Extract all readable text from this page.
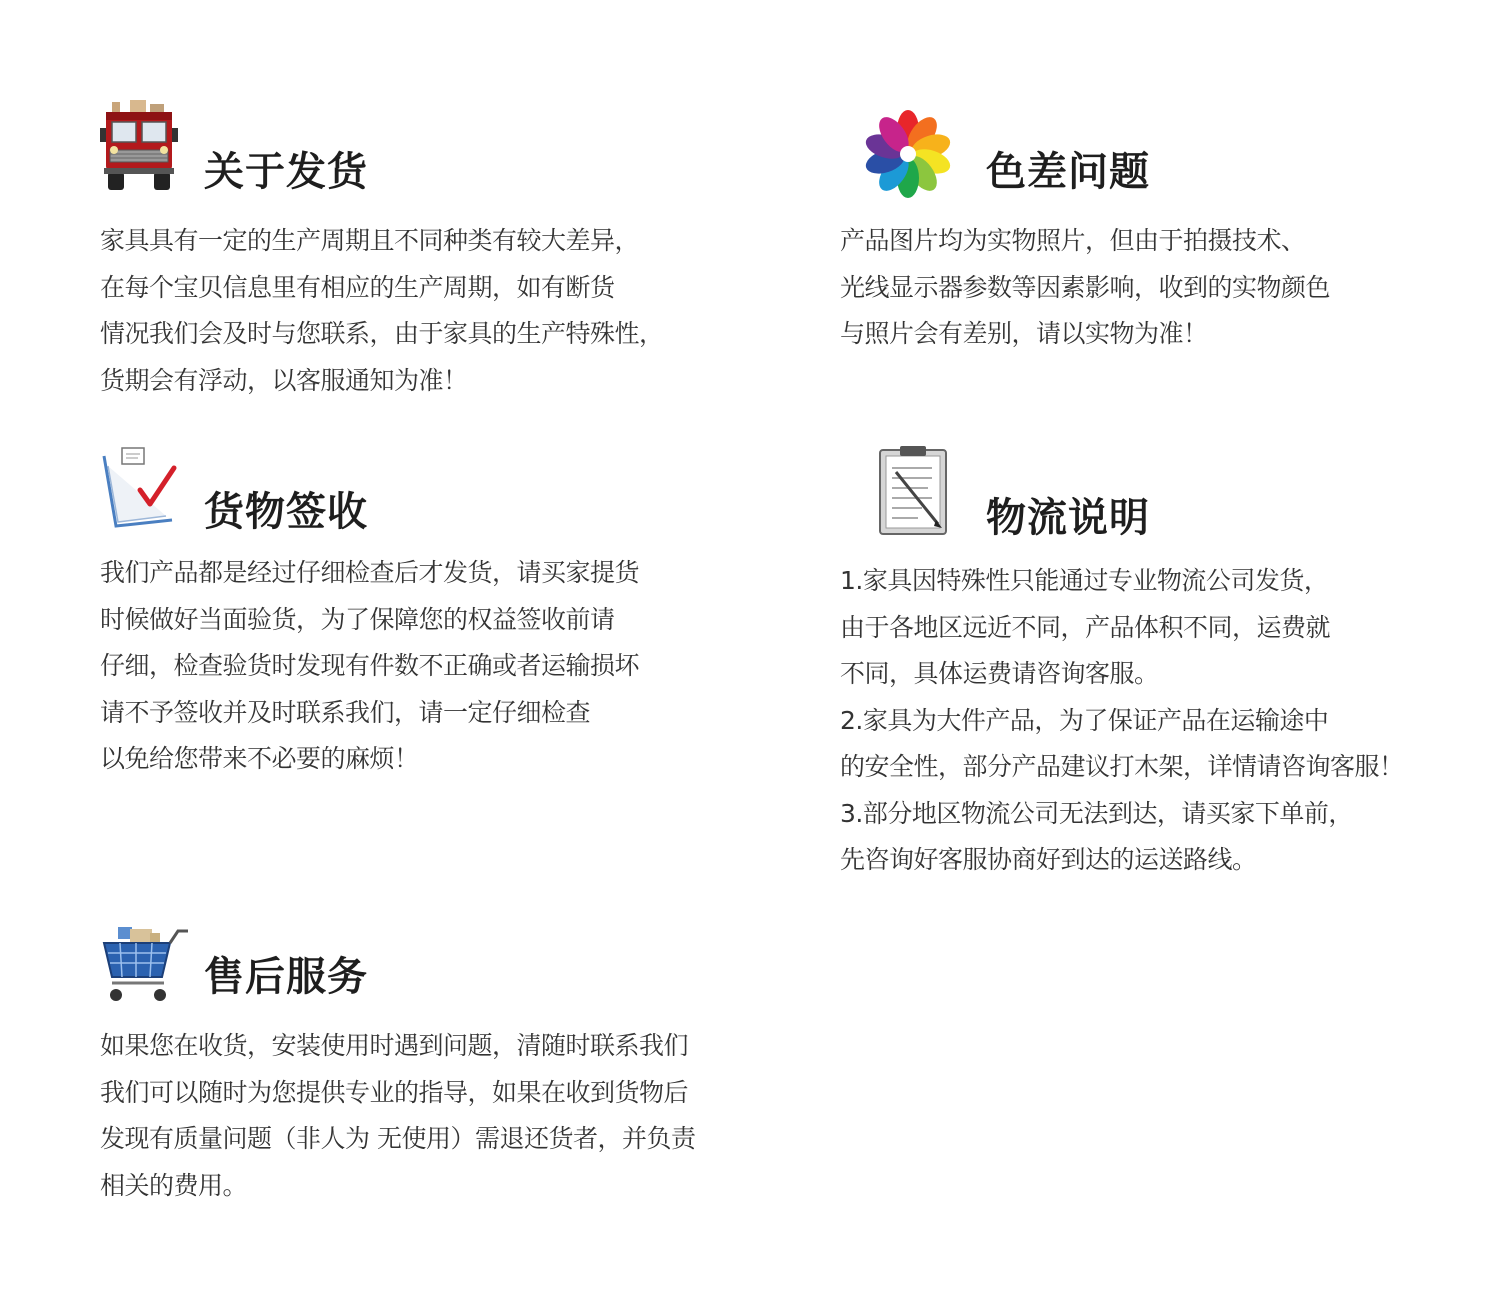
关于发货
家具具有一定的生产周期且不同种类有较大差异，
在每个宝贝信息里有相应的生产周期，如有断货
情况我们会及时与您联系，由于家具的生产特殊性，
货期会有浮动，以客服通知为准！
色差问题
产品图片均为实物照片，但由于拍摄技术、
光线显示器参数等因素影响，收到的实物颜色
与照片会有差别，请以实物为准！
货物签收
我们产品都是经过仔细检查后才发货，请买家提货
时候做好当面验货，为了保障您的权益签收前请
仔细，检查验货时发现有件数不正确或者运输损坏
请不予签收并及时联系我们，请一定仔细检查
以免给您带来不必要的麻烦！
物流说明
1.家具因特殊性只能通过专业物流公司发货，
由于各地区远近不同，产品体积不同，运费就
不同，具体运费请咨询客服。
2.家具为大件产品，为了保证产品在运输途中
的安全性，部分产品建议打木架，详情请咨询客服！
3.部分地区物流公司无法到达，请买家下单前，
先咨询好客服协商好到达的运送路线。
售后服务
如果您在收货，安装使用时遇到问题，清随时联系我们
我们可以随时为您提供专业的指导，如果在收到货物后
发现有质量问题（非人为 无使用）需退还货者，并负责
相关的费用。
